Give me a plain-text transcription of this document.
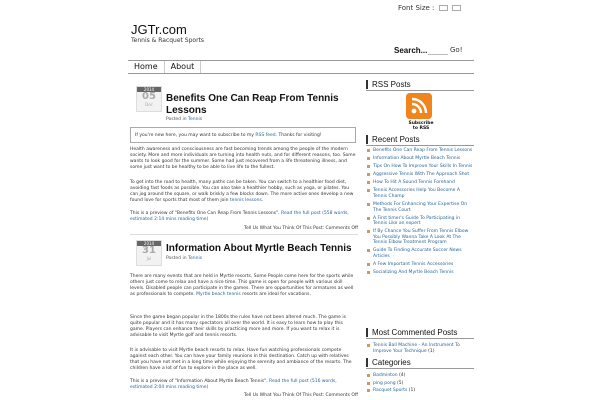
JGTr.com
Tennis & Racquet Sports
Font Size :
Search...	Go!
Home	About
2014
05
Dec
Benefits One Can Reap From Tennis
Lessons
Posted in Tennis
If you're new here, you may want to subscribe to my RSS feed. Thanks for visiting!
Health awareness and consciousness are fast becoming trends among the people of the modern society. More and more individuals are turning into health nuts, and for different reasons, too. Some wants to look good for the summer. Some had just recovered from a life threatening illness, and some just want to be healthy to be able to live life to the fullest.
To get into the road to health, many paths can be taken. You can switch to a healthier food diet, avoiding fast foods as possible. You can also take a healthier hobby, such as yoga, or pilates. You can jog around the square, or walk briskly a few blocks down. The more active ones develop a new found love for sports that most of them join tennis lessons.
This is a preview of "Benefits One Can Reap From Tennis Lessons". Read the full post (558 words, estimated 2:14 mins reading time)
Tell Us What You Think Of This Post: Comments Off
2014
31
Jul
Information About Myrtle Beach Tennis
Posted in Tennis
There are many events that are held in Myrtle resorts. Some People come here for the sports while others just come to relax and have a nice time. This game is open for people with various skill levels. Disabled people can participate in the games. There are opportunities for armatures as well as professionals to compete. Myrtle beach tennis resorts are ideal for vacations.
Since the game began popular in the 1800s the rules have not been altered much. The game is quite popular and it has many spectators all over the world. It is easy to learn how to play this game. Players can enhance their skills by practicing more and more. If you want to relax it is advisable to visit Myrtle golf and tennis resorts.
It is advisable to visit Myrtle beach resorts to relax. Have fun watching professionals compete against each other. You can have your family reunions in this destination. Catch up with relatives that you have not met in a long time while enjoying the serenity and ambiance of the resorts. The children have a lot of fun to explore in the place as well.
This is a preview of "Information About Myrtle Beach Tennis". Read the full post (516 words, estimated 2:04 mins reading time)
Tell Us What You Think Of This Post: Comments Off
RSS Posts
Subscribe to RSS
Recent Posts
Benefits One Can Reap From Tennis Lessons
Information About Myrtle Beach Tennis
Tips On How To Improve Your Skills In Tennis
Aggressive Tennis With The Approach Shot
How To Hit A Sound Tennis Forehand
Tennis Accessories Help You Become A Tennis Champ
Methods For Enhancing Your Expertise On The Tennis Court
A First timer's Guide To Participating in Tennis Like an expert
If By Chance You Suffer From Tennis Elbow You Possibly Wanna Take A Look At The Tennis Elbow Treatment Program
Guide To Finding Accurate Soccer News Articles
A Few Important Tennis Accessories
Socializing And Myrtle Beach Tennis
Most Commented Posts
Tennis Ball Machine - An Instrument To Improve Your Technique (1)
Categories
Badminton (4)
ping pong (5)
Racquet Sports (1)
